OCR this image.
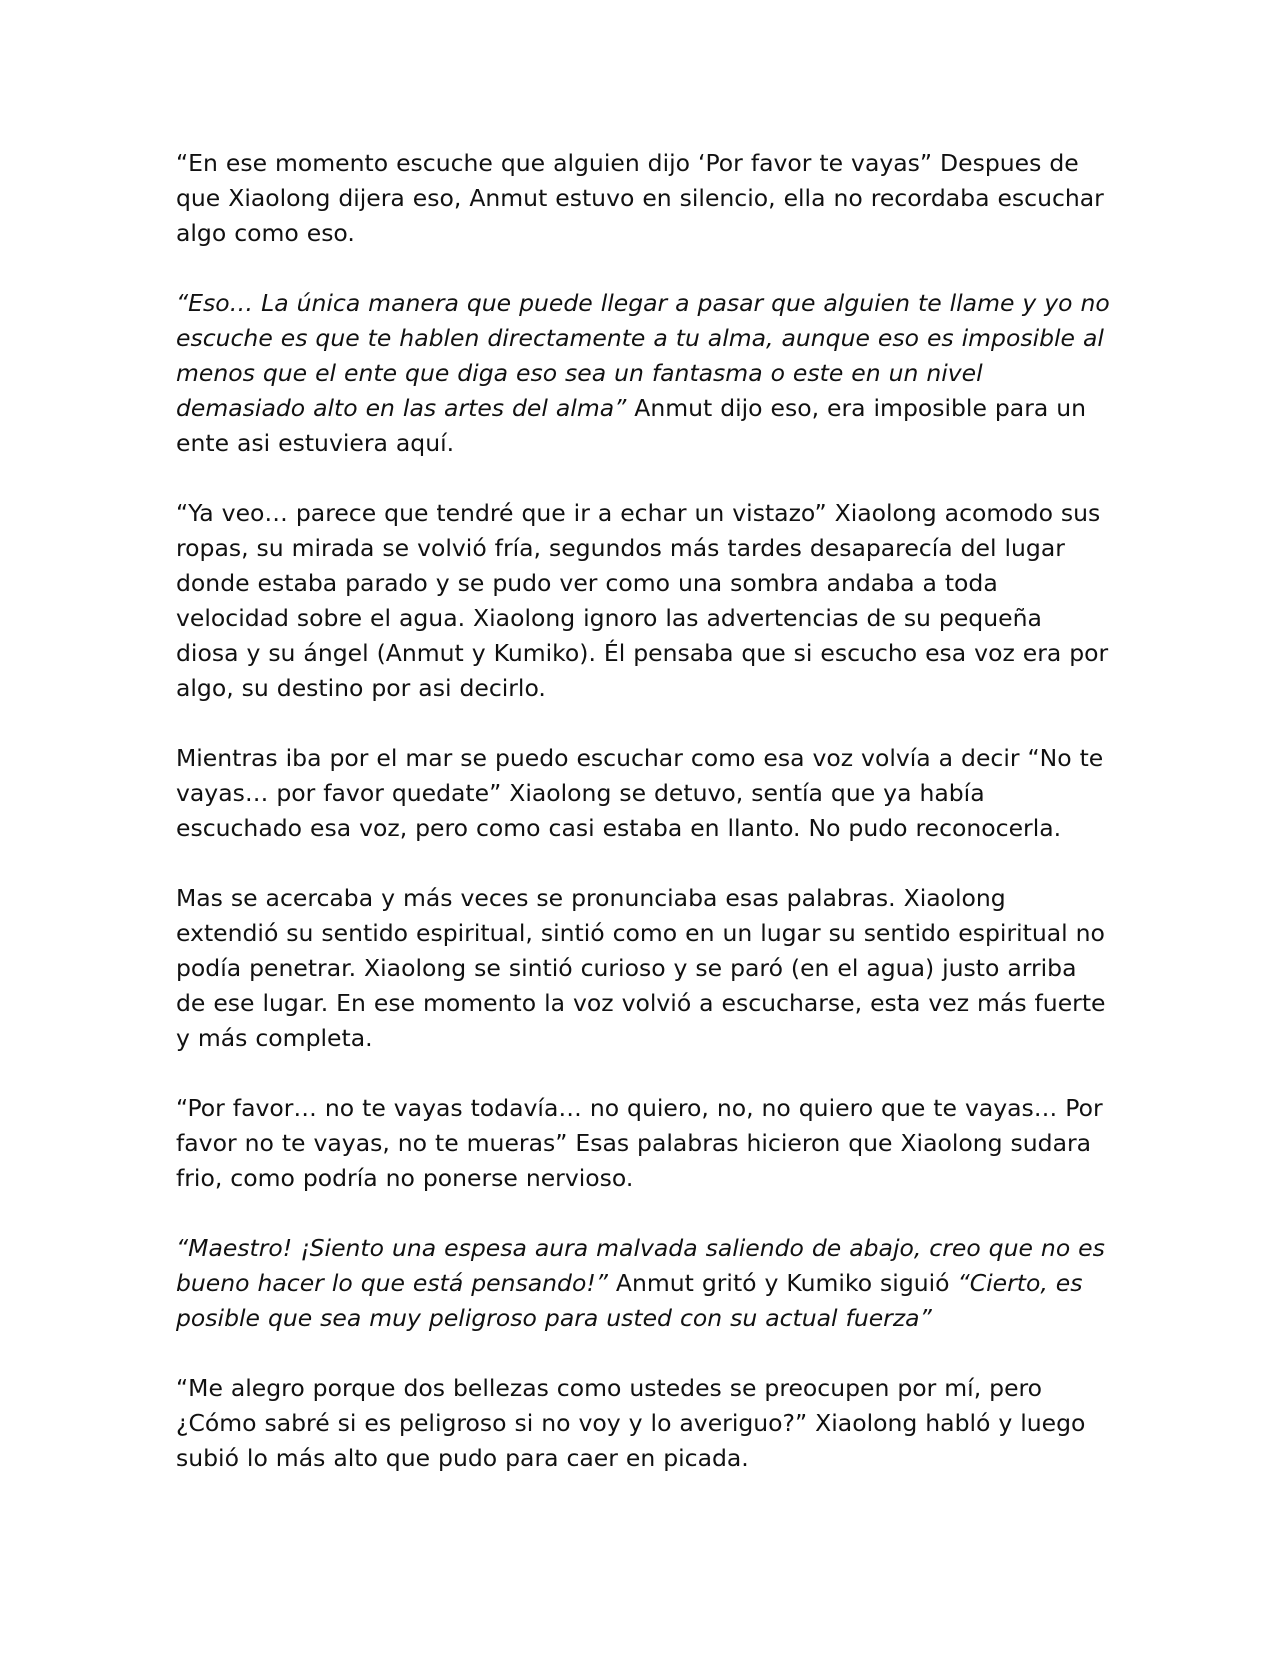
“En ese momento escuche que alguien dijo ‘Por favor te vayas” Despues de que Xiaolong dijera eso, Anmut estuvo en silencio, ella no recordaba escuchar algo como eso.

“Eso… La única manera que puede llegar a pasar que alguien te llame y yo no escuche es que te hablen directamente a tu alma, aunque eso es imposible al menos que el ente que diga eso sea un fantasma o este en un nivel demasiado alto en las artes del alma” Anmut dijo eso, era imposible para un ente asi estuviera aquí.

“Ya veo… parece que tendré que ir a echar un vistazo” Xiaolong acomodo sus ropas, su mirada se volvió fría, segundos más tardes desaparecía del lugar donde estaba parado y se pudo ver como una sombra andaba a toda velocidad sobre el agua. Xiaolong ignoro las advertencias de su pequeña diosa y su ángel (Anmut y Kumiko). Él pensaba que si escucho esa voz era por algo, su destino por asi decirlo.

Mientras iba por el mar se puedo escuchar como esa voz volvía a decir “No te vayas… por favor quedate” Xiaolong se detuvo, sentía que ya había escuchado esa voz, pero como casi estaba en llanto. No pudo reconocerla.

Mas se acercaba y más veces se pronunciaba esas palabras. Xiaolong extendió su sentido espiritual, sintió como en un lugar su sentido espiritual no podía penetrar. Xiaolong se sintió curioso y se paró (en el agua) justo arriba de ese lugar. En ese momento la voz volvió a escucharse, esta vez más fuerte y más completa.

“Por favor… no te vayas todavía… no quiero, no, no quiero que te vayas… Por favor no te vayas, no te mueras” Esas palabras hicieron que Xiaolong sudara frio, como podría no ponerse nervioso.

“Maestro! ¡Siento una espesa aura malvada saliendo de abajo, creo que no es bueno hacer lo que está pensando!” Anmut gritó y Kumiko siguió “Cierto, es posible que sea muy peligroso para usted con su actual fuerza”

“Me alegro porque dos bellezas como ustedes se preocupen por mí, pero ¿Cómo sabré si es peligroso si no voy y lo averiguo?” Xiaolong habló y luego subió lo más alto que pudo para caer en picada.
